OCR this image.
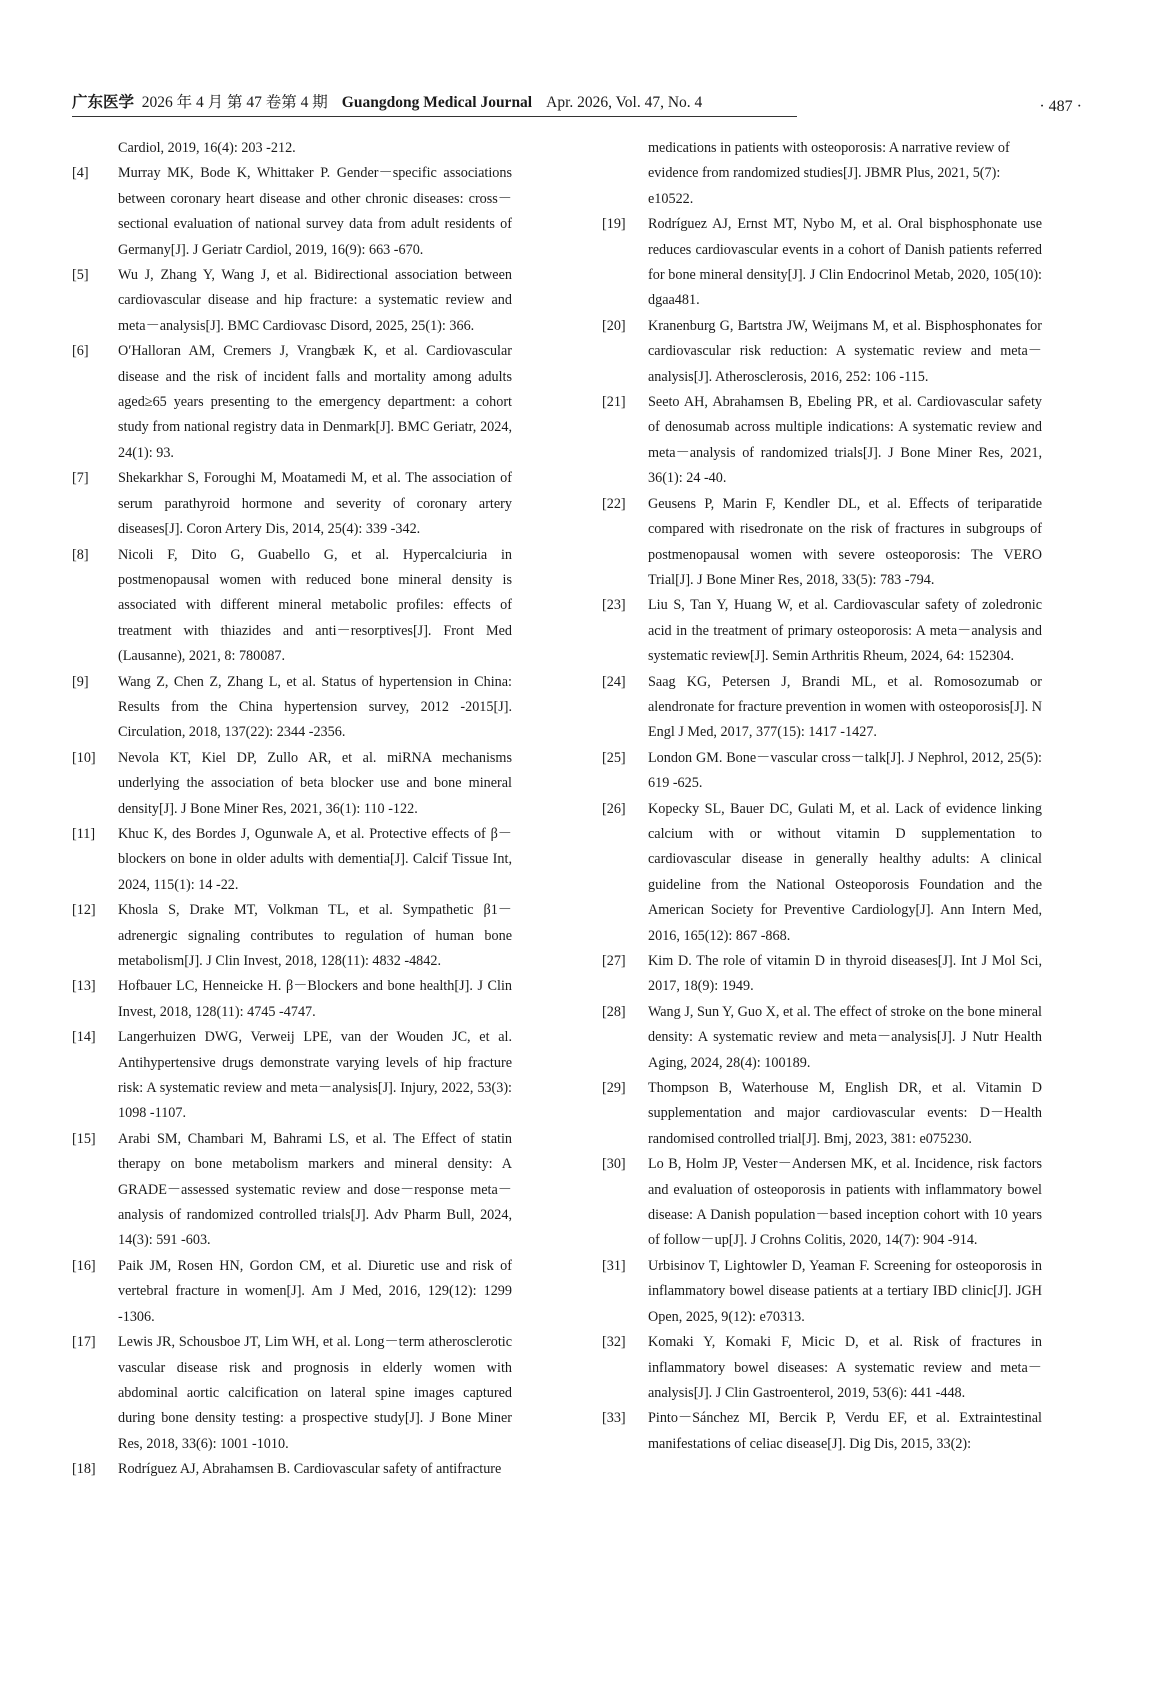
广东医学 2026 年 4 月 第 47 卷第 4 期 Guangdong Medical Journal Apr. 2026, Vol. 47, No. 4	· 487 ·
Cardiol, 2019, 16(4): 203 -212.
[4]	Murray MK, Bode K, Whittaker P. Gender－specific associations between coronary heart disease and other chronic diseases: cross－sectional evaluation of national survey data from adult residents of Germany[J]. J Geriatr Cardiol, 2019, 16(9): 663 -670.
[5]	Wu J, Zhang Y, Wang J, et al. Bidirectional association between cardiovascular disease and hip fracture: a systematic review and meta－analysis[J]. BMC Cardiovasc Disord, 2025, 25(1): 366.
[6]	O′Halloran AM, Cremers J, Vrangbæk K, et al. Cardiovascular disease and the risk of incident falls and mortality among adults aged≥65 years presenting to the emergency department: a cohort study from national registry data in Denmark[J]. BMC Geriatr, 2024, 24(1): 93.
[7]	Shekarkhar S, Foroughi M, Moatamedi M, et al. The association of serum parathyroid hormone and severity of coronary artery diseases[J]. Coron Artery Dis, 2014, 25(4): 339 -342.
[8]	Nicoli F, Dito G, Guabello G, et al. Hypercalciuria in postmenopausal women with reduced bone mineral density is associated with different mineral metabolic profiles: effects of treatment with thiazides and anti－resorptives[J]. Front Med (Lausanne), 2021, 8: 780087.
[9]	Wang Z, Chen Z, Zhang L, et al. Status of hypertension in China: Results from the China hypertension survey, 2012 -2015[J]. Circulation, 2018, 137(22): 2344 -2356.
[10]	Nevola KT, Kiel DP, Zullo AR, et al. miRNA mechanisms underlying the association of beta blocker use and bone mineral density[J]. J Bone Miner Res, 2021, 36(1): 110 -122.
[11]	Khuc K, des Bordes J, Ogunwale A, et al. Protective effects of β－blockers on bone in older adults with dementia[J]. Calcif Tissue Int, 2024, 115(1): 14 -22.
[12]	Khosla S, Drake MT, Volkman TL, et al. Sympathetic β1－adrenergic signaling contributes to regulation of human bone metabolism[J]. J Clin Invest, 2018, 128(11): 4832 -4842.
[13]	Hofbauer LC, Henneicke H. β－Blockers and bone health[J]. J Clin Invest, 2018, 128(11): 4745 -4747.
[14]	Langerhuizen DWG, Verweij LPE, van der Wouden JC, et al. Antihypertensive drugs demonstrate varying levels of hip fracture risk: A systematic review and meta－analysis[J]. Injury, 2022, 53(3): 1098 -1107.
[15]	Arabi SM, Chambari M, Bahrami LS, et al. The Effect of statin therapy on bone metabolism markers and mineral density: A GRADE－assessed systematic review and dose－response meta－analysis of randomized controlled trials[J]. Adv Pharm Bull, 2024, 14(3): 591 -603.
[16]	Paik JM, Rosen HN, Gordon CM, et al. Diuretic use and risk of vertebral fracture in women[J]. Am J Med, 2016, 129(12): 1299 -1306.
[17]	Lewis JR, Schousboe JT, Lim WH, et al. Long－term atherosclerotic vascular disease risk and prognosis in elderly women with abdominal aortic calcification on lateral spine images captured during bone density testing: a prospective study[J]. J Bone Miner Res, 2018, 33(6): 1001 -1010.
[18]	Rodríguez AJ, Abrahamsen B. Cardiovascular safety of antifracture
medications in patients with osteoporosis: A narrative review of evidence from randomized studies[J]. JBMR Plus, 2021, 5(7): e10522.
[19]	Rodríguez AJ, Ernst MT, Nybo M, et al. Oral bisphosphonate use reduces cardiovascular events in a cohort of Danish patients referred for bone mineral density[J]. J Clin Endocrinol Metab, 2020, 105(10): dgaa481.
[20]	Kranenburg G, Bartstra JW, Weijmans M, et al. Bisphosphonates for cardiovascular risk reduction: A systematic review and meta－analysis[J]. Atherosclerosis, 2016, 252: 106 -115.
[21]	Seeto AH, Abrahamsen B, Ebeling PR, et al. Cardiovascular safety of denosumab across multiple indications: A systematic review and meta－analysis of randomized trials[J]. J Bone Miner Res, 2021, 36(1): 24 -40.
[22]	Geusens P, Marin F, Kendler DL, et al. Effects of teriparatide compared with risedronate on the risk of fractures in subgroups of postmenopausal women with severe osteoporosis: The VERO Trial[J]. J Bone Miner Res, 2018, 33(5): 783 -794.
[23]	Liu S, Tan Y, Huang W, et al. Cardiovascular safety of zoledronic acid in the treatment of primary osteoporosis: A meta－analysis and systematic review[J]. Semin Arthritis Rheum, 2024, 64: 152304.
[24]	Saag KG, Petersen J, Brandi ML, et al. Romosozumab or alendronate for fracture prevention in women with osteoporosis[J]. N Engl J Med, 2017, 377(15): 1417 -1427.
[25]	London GM. Bone－vascular cross－talk[J]. J Nephrol, 2012, 25(5): 619 -625.
[26]	Kopecky SL, Bauer DC, Gulati M, et al. Lack of evidence linking calcium with or without vitamin D supplementation to cardiovascular disease in generally healthy adults: A clinical guideline from the National Osteoporosis Foundation and the American Society for Preventive Cardiology[J]. Ann Intern Med, 2016, 165(12): 867 -868.
[27]	Kim D. The role of vitamin D in thyroid diseases[J]. Int J Mol Sci, 2017, 18(9): 1949.
[28]	Wang J, Sun Y, Guo X, et al. The effect of stroke on the bone mineral density: A systematic review and meta－analysis[J]. J Nutr Health Aging, 2024, 28(4): 100189.
[29]	Thompson B, Waterhouse M, English DR, et al. Vitamin D supplementation and major cardiovascular events: D－Health randomised controlled trial[J]. Bmj, 2023, 381: e075230.
[30]	Lo B, Holm JP, Vester－Andersen MK, et al. Incidence, risk factors and evaluation of osteoporosis in patients with inflammatory bowel disease: A Danish population－based inception cohort with 10 years of follow－up[J]. J Crohns Colitis, 2020, 14(7): 904 -914.
[31]	Urbisinov T, Lightowler D, Yeaman F. Screening for osteoporosis in inflammatory bowel disease patients at a tertiary IBD clinic[J]. JGH Open, 2025, 9(12): e70313.
[32]	Komaki Y, Komaki F, Micic D, et al. Risk of fractures in inflammatory bowel diseases: A systematic review and meta－analysis[J]. J Clin Gastroenterol, 2019, 53(6): 441 -448.
[33]	Pinto－Sánchez MI, Bercik P, Verdu EF, et al. Extraintestinal manifestations of celiac disease[J]. Dig Dis, 2015, 33(2):
